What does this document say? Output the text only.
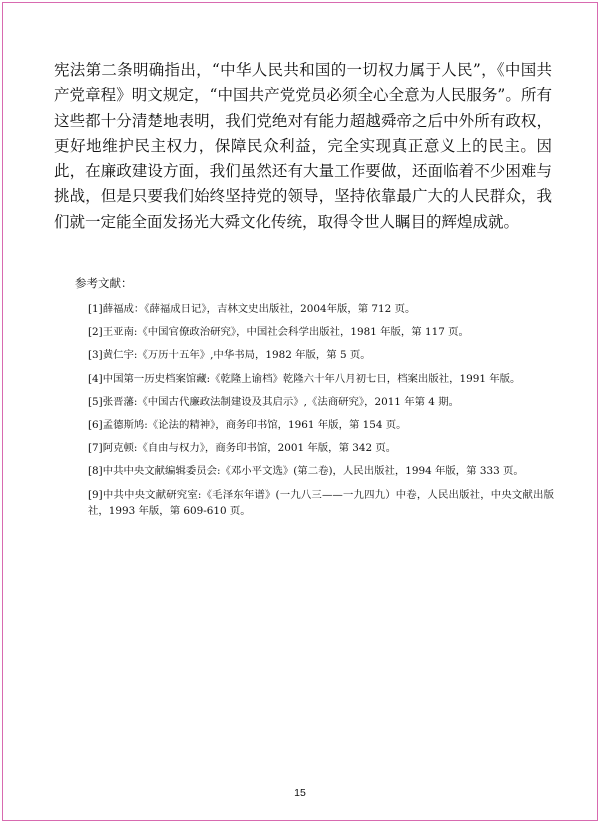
宪法第二条明确指出，“中华人民共和国的一切权力属于人民”，《中国共产党章程》明文规定，“中国共产党党员必须全心全意为人民服务”。所有这些都十分清楚地表明，我们党绝对有能力超越舜帝之后中外所有政权，更好地维护民主权力，保障民众利益，完全实现真正意义上的民主。因此，在廉政建设方面，我们虽然还有大量工作要做，还面临着不少困难与挑战，但是只要我们始终坚持党的领导，坚持依靠最广大的人民群众，我们就一定能全面发扬光大舜文化传统，取得令世人瞩目的辉煌成就。

参考文献：

[1]薛福成：《薛福成日记》，吉林文史出版社，2004年版，第 712 页。
[2]王亚南:《中国官僚政治研究》，中国社会科学出版社，1981 年版，第 117 页。
[3]黄仁宇:《万历十五年》,中华书局，1982 年版，第 5 页。
[4]中国第一历史档案馆藏:《乾隆上谕档》乾隆六十年八月初七日，档案出版社，1991 年版。
[5]张晋藩:《中国古代廉政法制建设及其启示》,《法商研究》，2011 年第 4 期。
[6]孟德斯鸠:《论法的精神》，商务印书馆，1961 年版，第 154 页。
[7]阿克顿:《自由与权力》，商务印书馆，2001 年版，第 342 页。
[8]中共中央文献编辑委员会:《邓小平文选》(第二卷)，人民出版社，1994 年版，第 333 页。
[9]中共中央文献研究室:《毛泽东年谱》(一九八三——一九四九）中卷，人民出版社，中央文献出版社，1993 年版，第 609-610 页。

15
